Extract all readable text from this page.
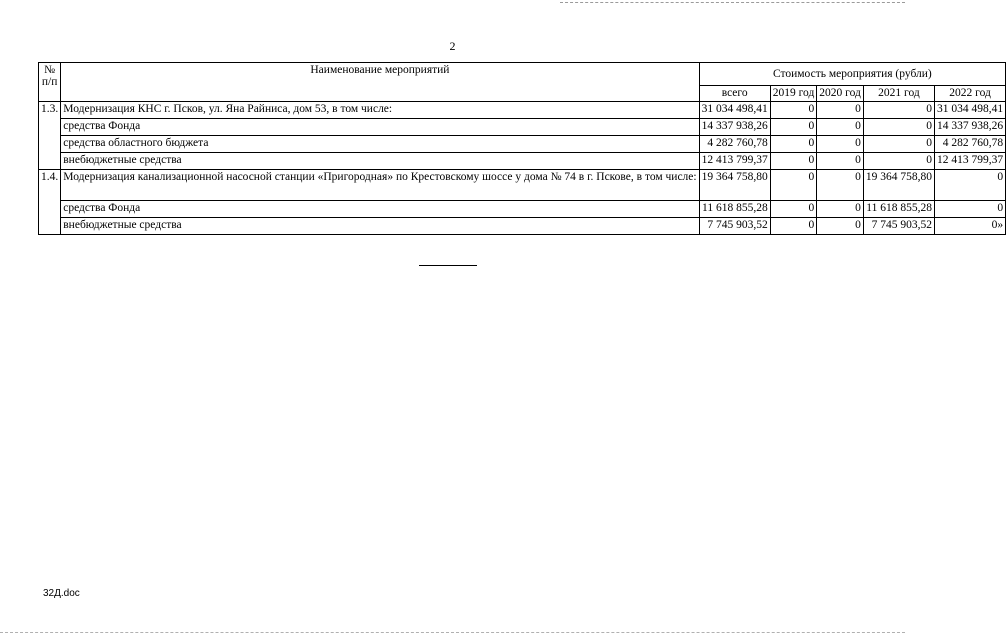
2
№
п/п	Наименование мероприятий	Стоимость мероприятия (рубли)				
		всего	2019 год	2020 год	2021 год	2022 год
1.3.	Модернизация КНС г. Псков, ул. Яна Райниса, дом 53, в том числе:	31 034 498,41	0	0	0	31 034 498,41
	средства Фонда	14 337 938,26	0	0	0	14 337 938,26
	средства областного бюджета	4 282 760,78	0	0	0	4 282 760,78
	внебюджетные средства	12 413 799,37	0	0	0	12 413 799,37
1.4.	Модернизация канализационной насосной станции «Пригородная» по Крестовскому шоссе у дома № 74 в г. Пскове, в том числе:	19 364 758,80	0	0	19 364 758,80	0
	средства Фонда	11 618 855,28	0	0	11 618 855,28	0
	внебюджетные средства	7 745 903,52	0	0	7 745 903,52	0»
32Д.doc
